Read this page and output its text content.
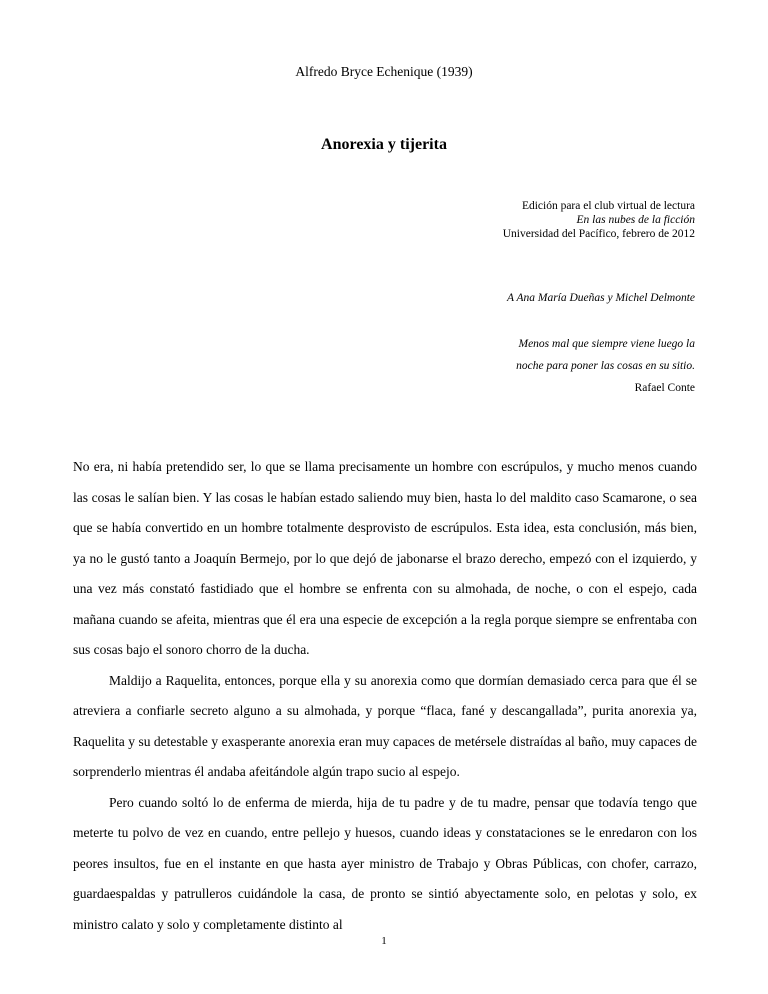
Alfredo Bryce Echenique (1939)
Anorexia y tijerita
Edición para el club virtual de lectura
En las nubes de la ficción
Universidad del Pacífico, febrero de 2012
A Ana María Dueñas y Michel Delmonte
Menos mal que siempre viene luego la
noche para poner las cosas en su sitio.
Rafael Conte

No era, ni había pretendido ser, lo que se llama precisamente un hombre con escrúpulos, y mucho menos cuando las cosas le salían bien. Y las cosas le habían estado saliendo muy bien, hasta lo del maldito caso Scamarone, o sea que se había convertido en un hombre totalmente desprovisto de escrúpulos. Esta idea, esta conclusión, más bien, ya no le gustó tanto a Joaquín Bermejo, por lo que dejó de jabonarse el brazo derecho, empezó con el izquierdo, y una vez más constató fastidiado que el hombre se enfrenta con su almohada, de noche, o con el espejo, cada mañana cuando se afeita, mientras que él era una especie de excepción a la regla porque siempre se enfrentaba con sus cosas bajo el sonoro chorro de la ducha.

Maldijo a Raquelita, entonces, porque ella y su anorexia como que dormían demasiado cerca para que él se atreviera a confiarle secreto alguno a su almohada, y porque “flaca, fané y descangallada”, purita anorexia ya, Raquelita y su detestable y exasperante anorexia eran muy capaces de metérsele distraídas al baño, muy capaces de sorprenderlo mientras él andaba afeitándole algún trapo sucio al espejo.

Pero cuando soltó lo de enferma de mierda, hija de tu padre y de tu madre, pensar que todavía tengo que meterte tu polvo de vez en cuando, entre pellejo y huesos, cuando ideas y constataciones se le enredaron con los peores insultos, fue en el instante en que hasta ayer ministro de Trabajo y Obras Públicas, con chofer, carrazo, guardaespaldas y patrulleros cuidándole la casa, de pronto se sintió abyectamente solo, en pelotas y solo, ex ministro calato y solo y completamente distinto al

1
